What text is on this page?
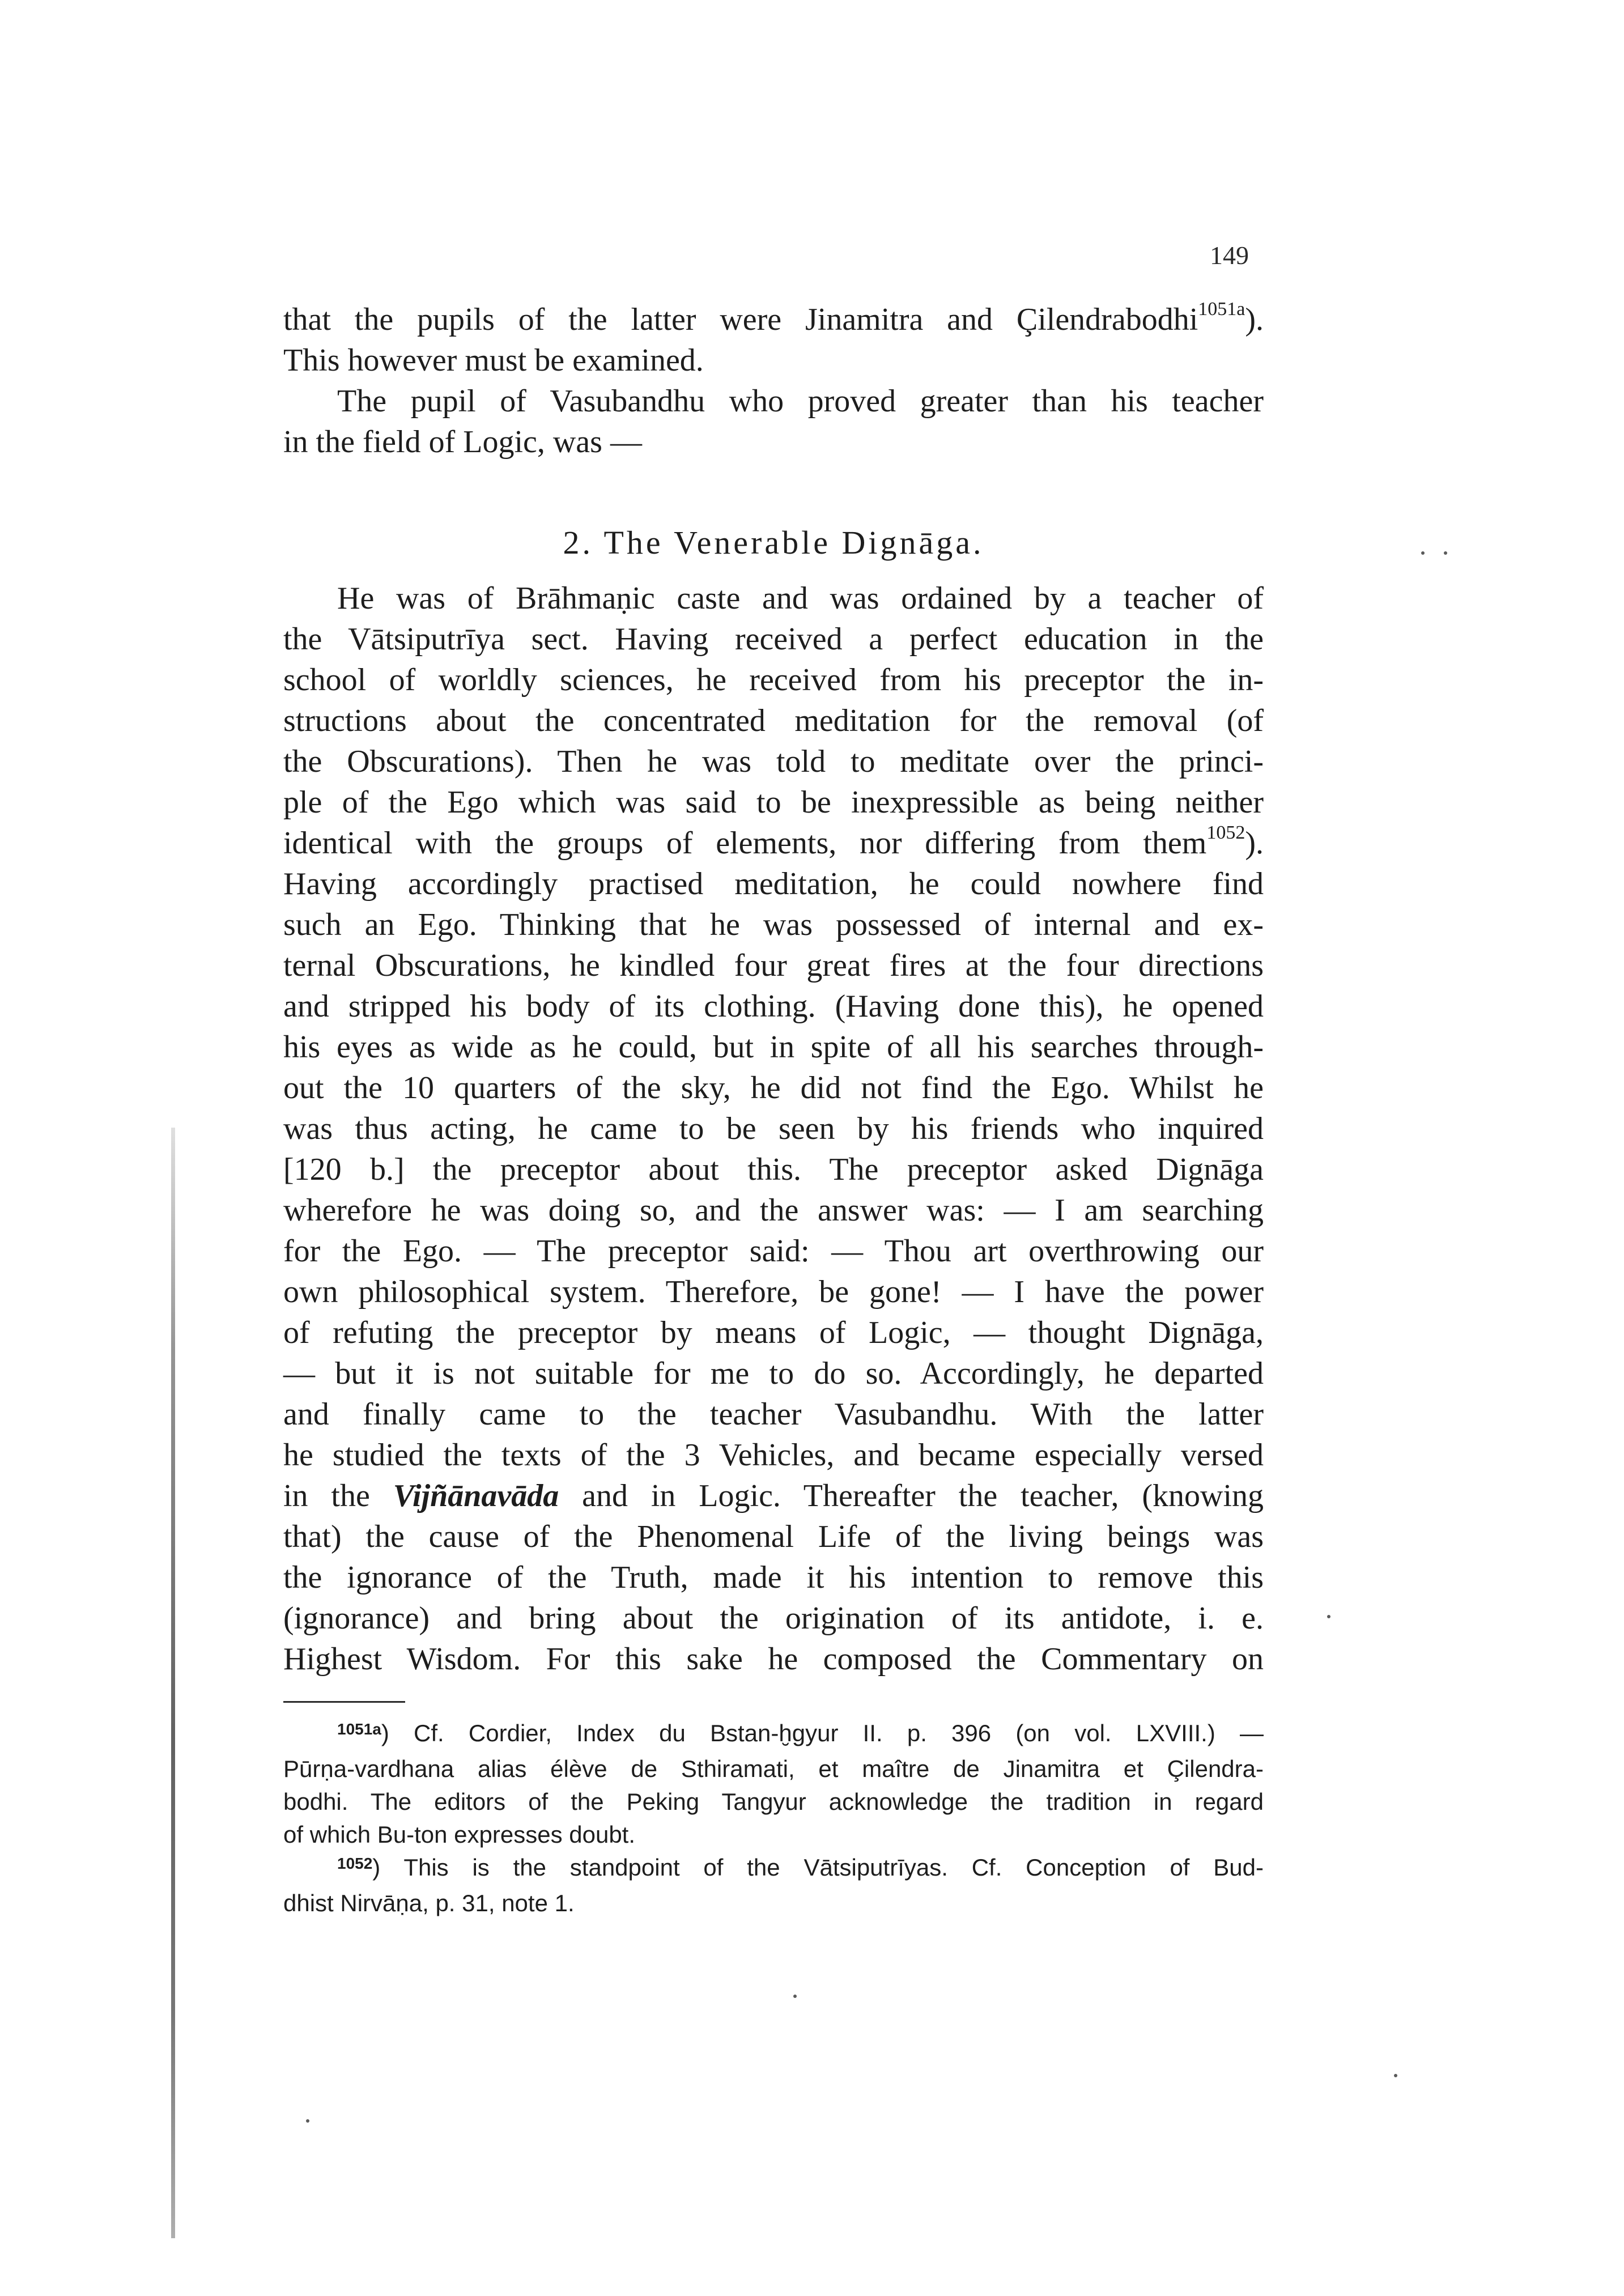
149
that the pupils of the latter were Jinamitra and Çilendrabodhi$^{1051a}$).
This however must be examined.
The pupil of Vasubandhu who proved greater than his teacher
in the field of Logic, was —
2. The Venerable Dignāga.
He was of Brāhmaṇic caste and was ordained by a teacher of
the Vātsiputrīya sect. Having received a perfect education in the
school of worldly sciences, he received from his preceptor the in-
structions about the concentrated meditation for the removal (of
the Obscurations). Then he was told to meditate over the princi-
ple of the Ego which was said to be inexpressible as being neither
identical with the groups of elements, nor differing from them$^{1052}$).
Having accordingly practised meditation, he could nowhere find
such an Ego. Thinking that he was possessed of internal and ex-
ternal Obscurations, he kindled four great fires at the four directions
and stripped his body of its clothing. (Having done this), he opened
his eyes as wide as he could, but in spite of all his searches through-
out the 10 quarters of the sky, he did not find the Ego. Whilst he
was thus acting, he came to be seen by his friends who inquired
[120 b.] the preceptor about this. The preceptor asked Dignāga
wherefore he was doing so, and the answer was: — I am searching
for the Ego. — The preceptor said: — Thou art overthrowing our
own philosophical system. Therefore, be gone! — I have the power
of refuting the preceptor by means of Logic, — thought Dignāga,
— but it is not suitable for me to do so. Accordingly, he departed
and finally came to the teacher Vasubandhu. With the latter
he studied the texts of the 3 Vehicles, and became especially versed
in the Vijñānavāda and in Logic. Thereafter the teacher, (knowing
that) the cause of the Phenomenal Life of the living beings was
the ignorance of the Truth, made it his intention to remove this
(ignorance) and bring about the origination of its antidote, i. e.
Highest Wisdom. For this sake he composed the Commentary on
$^{1051a}$) Cf. Cordier, Index du Bstan-ḫgyur II. p. 396 (on vol. LXVIII.) —
Pūrṇa-vardhana alias élève de Sthiramati, et maître de Jinamitra et Çilendra-
bodhi. The editors of the Peking Tangyur acknowledge the tradition in regard
of which Bu-ton expresses doubt.
$^{1052}$) This is the standpoint of the Vātsiputrīyas. Cf. Conception of Bud-
dhist Nirvāṇa, p. 31, note 1.
